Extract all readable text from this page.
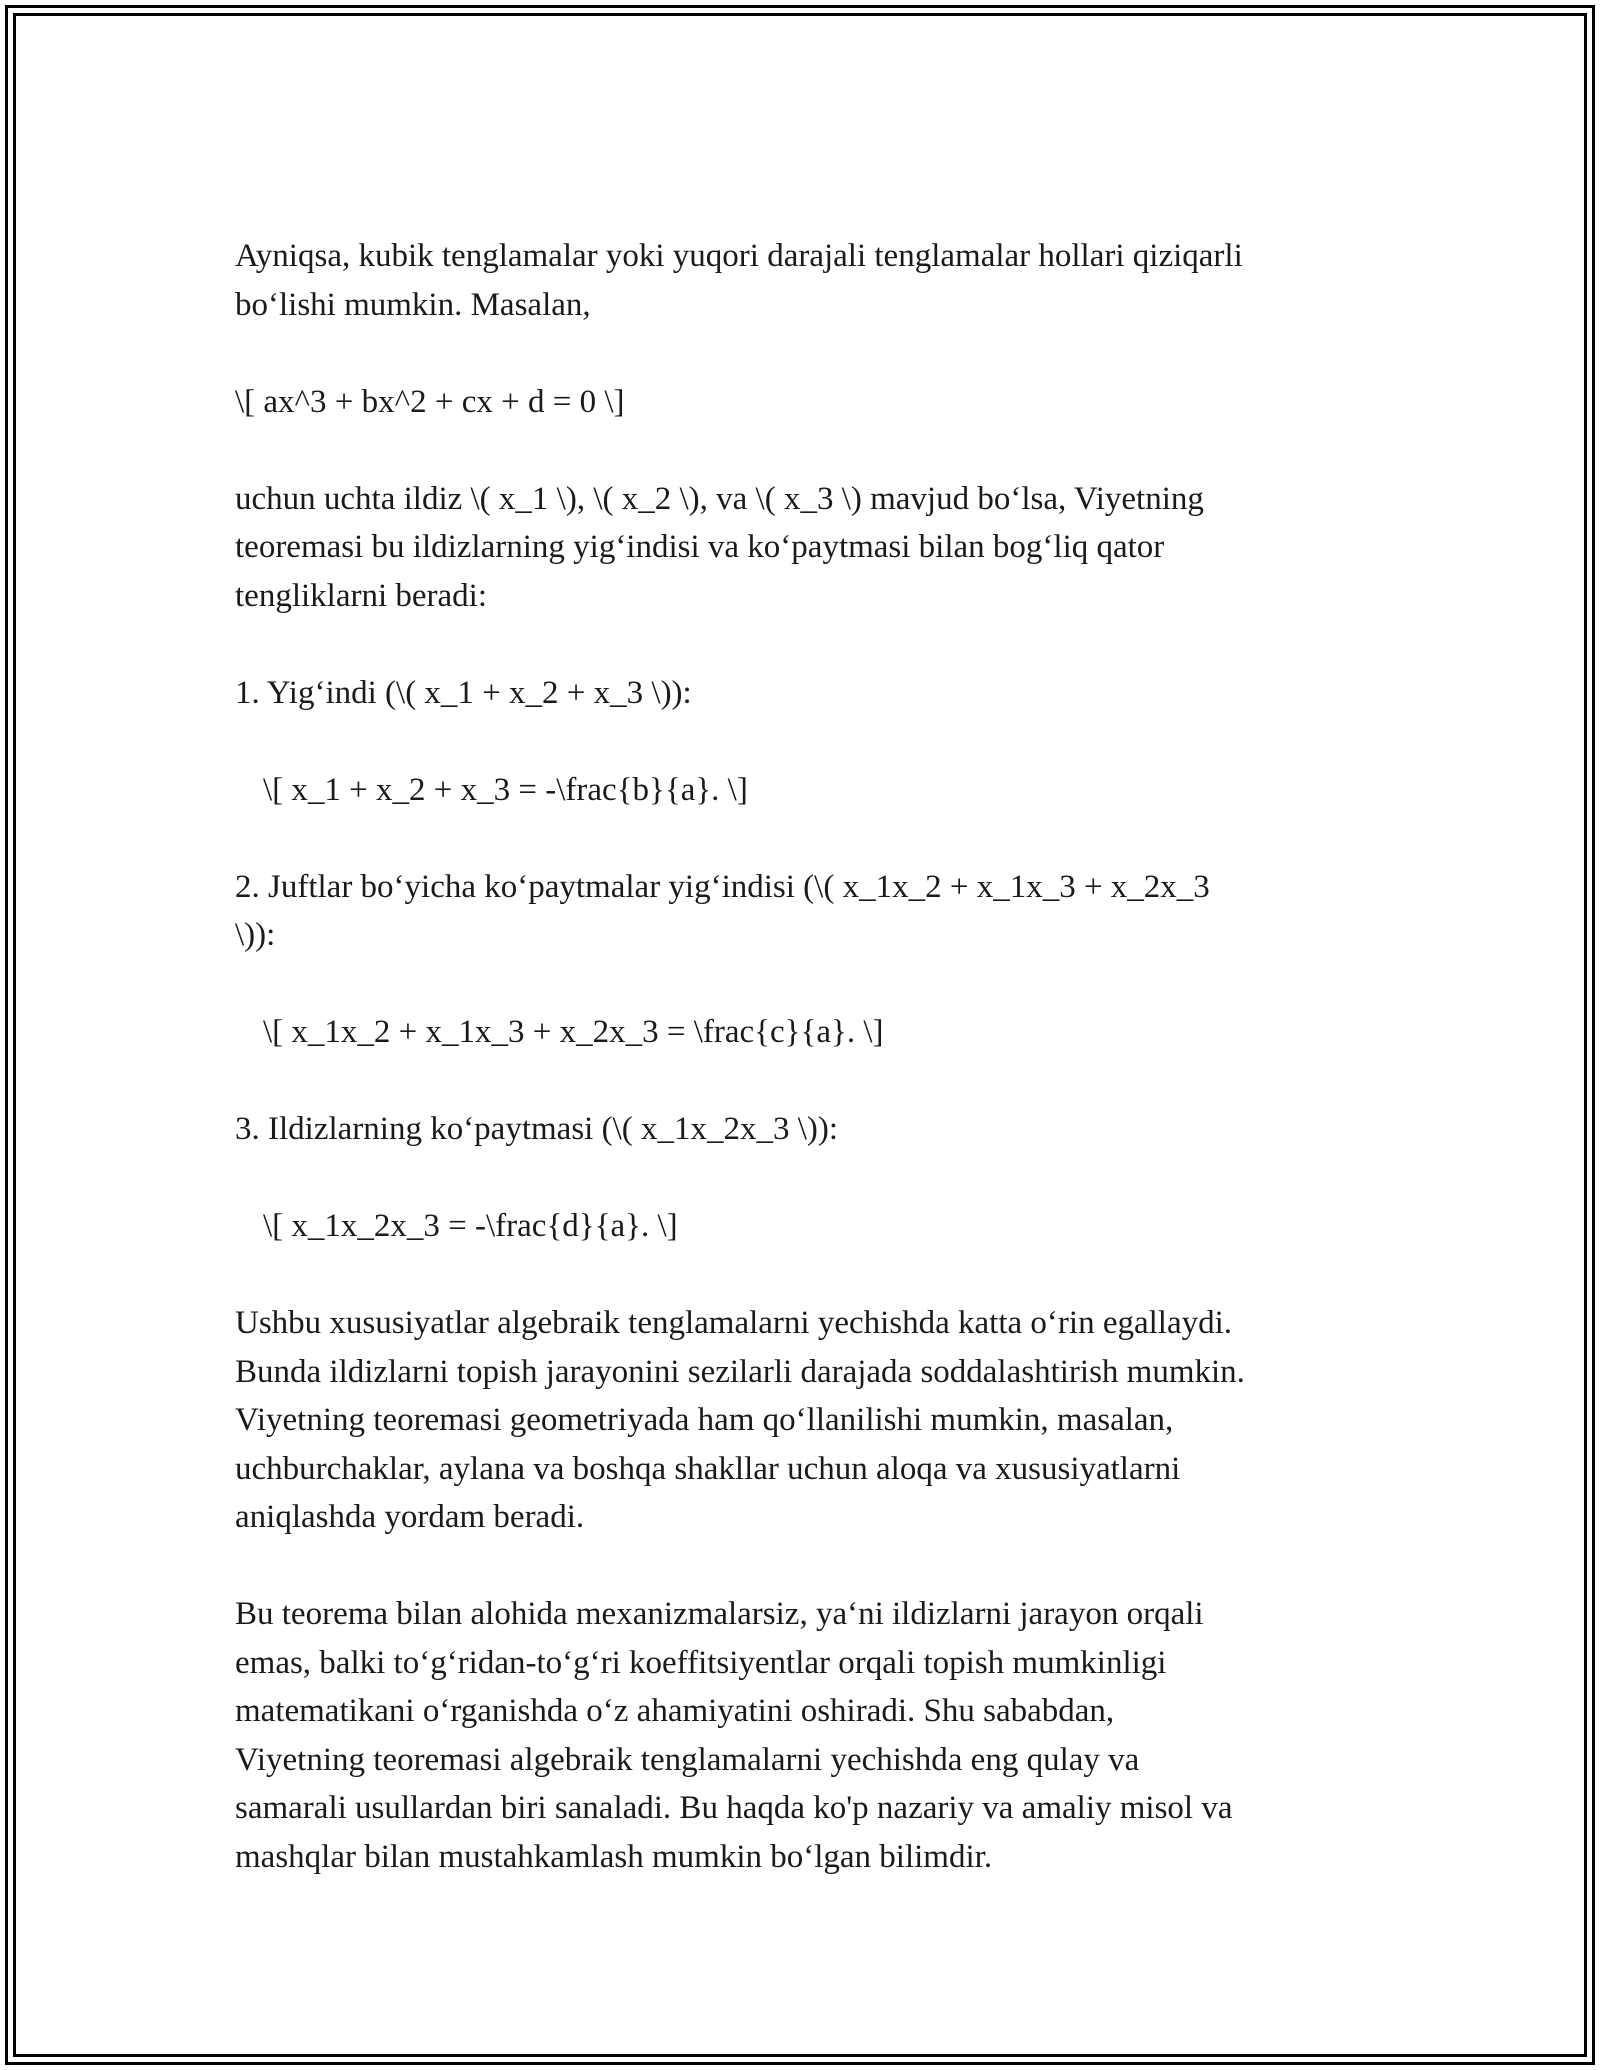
Ayniqsa, kubik tenglamalar yoki yuqori darajali tenglamalar hollari qiziqarli
bo‘lishi mumkin. Masalan,

\[ ax^3 + bx^2 + cx + d = 0 \]

uchun uchta ildiz \( x_1 \), \( x_2 \), va \( x_3 \) mavjud bo‘lsa, Viyetning
teoremasi bu ildizlarning yig‘indisi va ko‘paytmasi bilan bog‘liq qator
tengliklarni beradi:

1. Yig‘indi (\( x_1 + x_2 + x_3 \)):

\[ x_1 + x_2 + x_3 = -\frac{b}{a}. \]

2. Juftlar bo‘yicha ko‘paytmalar yig‘indisi (\( x_1x_2 + x_1x_3 + x_2x_3
\)):

\[ x_1x_2 + x_1x_3 + x_2x_3 = \frac{c}{a}. \]

3. Ildizlarning ko‘paytmasi (\( x_1x_2x_3 \)):

\[ x_1x_2x_3 = -\frac{d}{a}. \]

Ushbu xususiyatlar algebraik tenglamalarni yechishda katta o‘rin egallaydi.
Bunda ildizlarni topish jarayonini sezilarli darajada soddalashtirish mumkin.
Viyetning teoremasi geometriyada ham qo‘llanilishi mumkin, masalan,
uchburchaklar, aylana va boshqa shakllar uchun aloqa va xususiyatlarni
aniqlashda yordam beradi.

Bu teorema bilan alohida mexanizmalarsiz, ya‘ni ildizlarni jarayon orqali
emas, balki to‘g‘ridan-to‘g‘ri koeffitsiyentlar orqali topish mumkinligi
matematikani o‘rganishda o‘z ahamiyatini oshiradi. Shu sababdan,
Viyetning teoremasi algebraik tenglamalarni yechishda eng qulay va
samarali usullardan biri sanaladi. Bu haqda ko'p nazariy va amaliy misol va
mashqlar bilan mustahkamlash mumkin bo‘lgan bilimdir.
